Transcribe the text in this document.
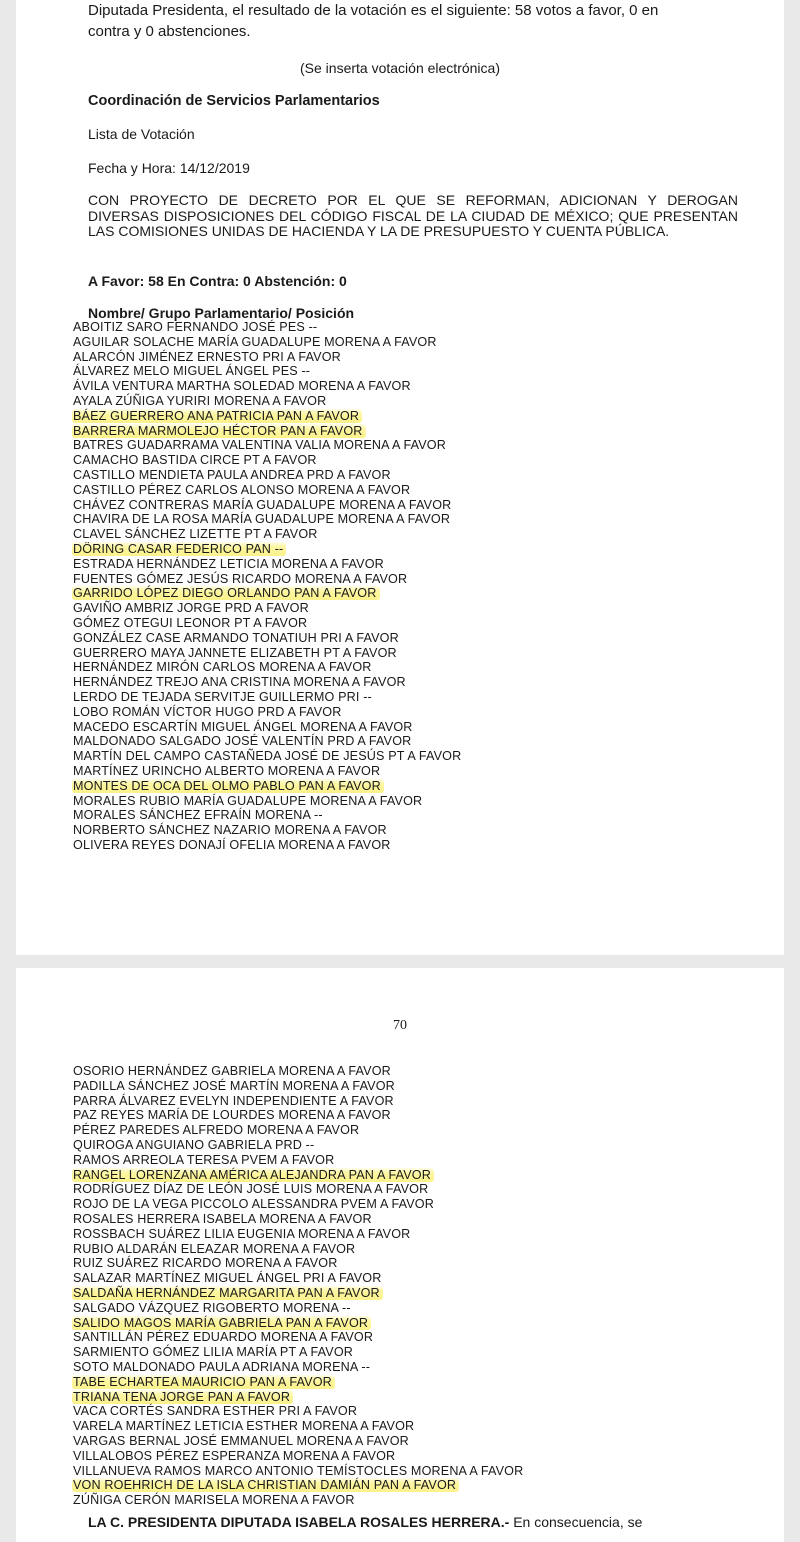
Diputada Presidenta, el resultado de la votación es el siguiente: 58 votos a favor, 0 en
contra y 0 abstenciones.
(Se inserta votación electrónica)
Coordinación de Servicios Parlamentarios
Lista de Votación
Fecha y Hora: 14/12/2019
CON PROYECTO DE DECRETO POR EL QUE SE REFORMAN, ADICIONAN Y DEROGAN DIVERSAS DISPOSICIONES DEL CÓDIGO FISCAL DE LA CIUDAD DE MÉXICO; QUE PRESENTAN LAS COMISIONES UNIDAS DE HACIENDA Y LA DE PRESUPUESTO Y CUENTA PÚBLICA.
A Favor: 58 En Contra: 0 Abstención: 0
Nombre/ Grupo Parlamentario/ Posición
ABOITIZ SARO FERNANDO JOSÉ PES --
AGUILAR SOLACHE MARÍA GUADALUPE MORENA A FAVOR
ALARCÓN JIMÉNEZ ERNESTO PRI A FAVOR
ÁLVAREZ MELO MIGUEL ÁNGEL PES --
ÁVILA VENTURA MARTHA SOLEDAD MORENA A FAVOR
AYALA ZÚÑIGA YURIRI MORENA A FAVOR
BÁEZ GUERRERO ANA PATRICIA PAN A FAVOR
BARRERA MARMOLEJO HÉCTOR PAN A FAVOR
BATRES GUADARRAMA VALENTINA VALIA MORENA A FAVOR
CAMACHO BASTIDA CIRCE PT A FAVOR
CASTILLO MENDIETA PAULA ANDREA PRD A FAVOR
CASTILLO PÉREZ CARLOS ALONSO MORENA A FAVOR
CHÁVEZ CONTRERAS MARÍA GUADALUPE MORENA A FAVOR
CHAVIRA DE LA ROSA MARÍA GUADALUPE MORENA A FAVOR
CLAVEL SÁNCHEZ LIZETTE PT A FAVOR
DÖRING CASAR FEDERICO PAN --
ESTRADA HERNÁNDEZ LETICIA MORENA A FAVOR
FUENTES GÓMEZ JESÚS RICARDO MORENA A FAVOR
GARRIDO LÓPEZ DIEGO ORLANDO PAN A FAVOR
GAVIÑO AMBRIZ JORGE PRD A FAVOR
GÓMEZ OTEGUI LEONOR PT A FAVOR
GONZÁLEZ CASE ARMANDO TONATIUH PRI A FAVOR
GUERRERO MAYA JANNETE ELIZABETH PT A FAVOR
HERNÁNDEZ MIRÓN CARLOS MORENA A FAVOR
HERNÁNDEZ TREJO ANA CRISTINA MORENA A FAVOR
LERDO DE TEJADA SERVITJE GUILLERMO PRI --
LOBO ROMÁN VÍCTOR HUGO PRD A FAVOR
MACEDO ESCARTÍN MIGUEL ÁNGEL MORENA A FAVOR
MALDONADO SALGADO JOSÉ VALENTÍN PRD A FAVOR
MARTÍN DEL CAMPO CASTAÑEDA JOSÉ DE JESÚS PT A FAVOR
MARTÍNEZ URINCHO ALBERTO MORENA A FAVOR
MONTES DE OCA DEL OLMO PABLO PAN A FAVOR
MORALES RUBIO MARÍA GUADALUPE MORENA A FAVOR
MORALES SÁNCHEZ EFRAÍN MORENA --
NORBERTO SÁNCHEZ NAZARIO MORENA A FAVOR
OLIVERA REYES DONAJÍ OFELIA MORENA A FAVOR
70
LA C. PRESIDENTA DIPUTADA ISABELA ROSALES HERRERA.- En consecuencia, se
OSORIO HERNÁNDEZ GABRIELA MORENA A FAVOR
PADILLA SÁNCHEZ JOSÉ MARTÍN MORENA A FAVOR
PARRA ÁLVAREZ EVELYN INDEPENDIENTE A FAVOR
PAZ REYES MARÍA DE LOURDES MORENA A FAVOR
PÉREZ PAREDES ALFREDO MORENA A FAVOR
QUIROGA ANGUIANO GABRIELA PRD --
RAMOS ARREOLA TERESA PVEM A FAVOR
RANGEL LORENZANA AMÉRICA ALEJANDRA PAN A FAVOR
RODRÍGUEZ DÍAZ DE LEÓN JOSÉ LUIS MORENA A FAVOR
ROJO DE LA VEGA PICCOLO ALESSANDRA PVEM A FAVOR
ROSALES HERRERA ISABELA MORENA A FAVOR
ROSSBACH SUÁREZ LILIA EUGENIA MORENA A FAVOR
RUBIO ALDARÁN ELEAZAR MORENA A FAVOR
RUIZ SUÁREZ RICARDO MORENA A FAVOR
SALAZAR MARTÍNEZ MIGUEL ÁNGEL PRI A FAVOR
SALDAÑA HERNÁNDEZ MARGARITA PAN A FAVOR
SALGADO VÁZQUEZ RIGOBERTO MORENA --
SALIDO MAGOS MARÍA GABRIELA PAN A FAVOR
SANTILLÁN PÉREZ EDUARDO MORENA A FAVOR
SARMIENTO GÓMEZ LILIA MARÍA PT A FAVOR
SOTO MALDONADO PAULA ADRIANA MORENA --
TABE ECHARTEA MAURICIO PAN A FAVOR
TRIANA TENA JORGE PAN A FAVOR
VACA CORTÉS SANDRA ESTHER PRI A FAVOR
VARELA MARTÍNEZ LETICIA ESTHER MORENA A FAVOR
VARGAS BERNAL JOSÉ EMMANUEL MORENA A FAVOR
VILLALOBOS PÉREZ ESPERANZA MORENA A FAVOR
VILLANUEVA RAMOS MARCO ANTONIO TEMÍSTOCLES MORENA A FAVOR
VON ROEHRICH DE LA ISLA CHRISTIAN DAMIÁN PAN A FAVOR
ZÚÑIGA CERÓN MARISELA MORENA A FAVOR
